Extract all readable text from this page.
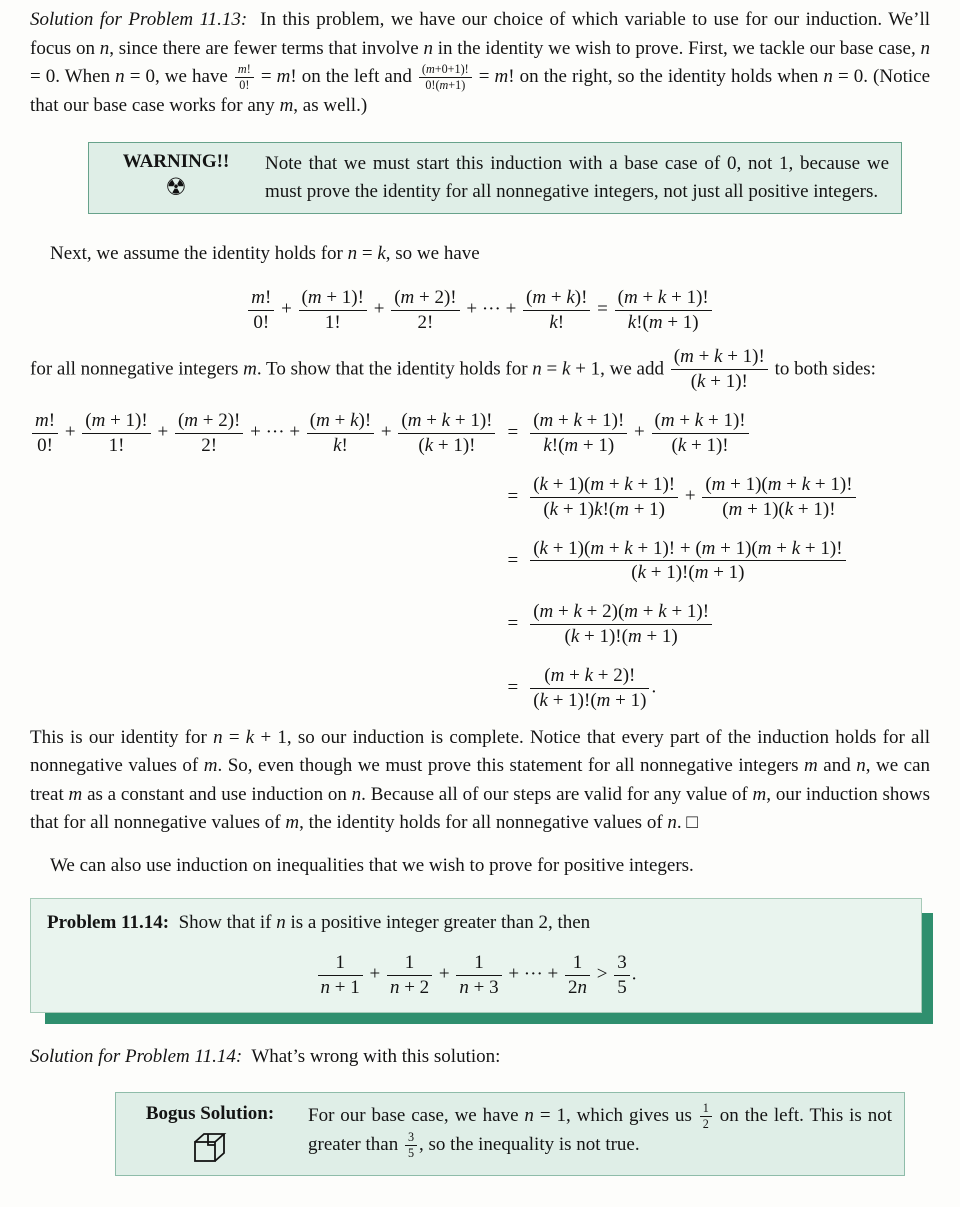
Solution for Problem 11.13:  In this problem, we have our choice of which variable to use for our induction. We’ll focus on n, since there are fewer terms that involve n in the identity we wish to prove. First, we tackle our base case, n = 0. When n = 0, we have $\frac{m!}{0!} = m$! on the left and $\frac{(m+0+1)!}{0!(m+1)} = m$! on the right, so the identity holds when n = 0. (Notice that our base case works for any m, as well.)

WARNING!!
☢
Note that we must start this induction with a base case of 0, not 1, because we must prove the identity for all nonnegative integers, not just all positive integers.

Next, we assume the identity holds for n = k, so we have

$\frac{m!}{0!} + \frac{(m + 1)!}{1!} + \frac{(m + 2)!}{2!}$ + ··· + $\frac{(m + k)!}{k!} = \frac{(m + k + 1)!}{k!(m + 1)}$

for all nonnegative integers m. To show that the identity holds for n = k + 1, we add $\frac{(m + k + 1)!}{(k + 1)!}$ to both sides:

$\frac{m!}{0!} + \frac{(m + 1)!}{1!} + \frac{(m + 2)!}{2!}$ + ··· + $\frac{(m + k)!}{k!} + \frac{(m + k + 1)!}{(k + 1)!} = \frac{(m + k + 1)!}{k!(m + 1)} + \frac{(m + k + 1)!}{(k + 1)!}$
= $\frac{(k + 1)(m + k + 1)!}{(k + 1)k!(m + 1)} + \frac{(m + 1)(m + k + 1)!}{(m + 1)(k + 1)!}$
= $\frac{(k + 1)(m + k + 1)! + (m + 1)(m + k + 1)!}{(k + 1)!(m + 1)}$
= $\frac{(m + k + 2)(m + k + 1)!}{(k + 1)!(m + 1)}$
= $\frac{(m + k + 2)!}{(k + 1)!(m + 1)}$ .

This is our identity for n = k + 1, so our induction is complete. Notice that every part of the induction holds for all nonnegative values of m. So, even though we must prove this statement for all nonnegative integers m and n, we can treat m as a constant and use induction on n. Because all of our steps are valid for any value of m, our induction shows that for all nonnegative values of m, the identity holds for all nonnegative values of n. □

We can also use induction on inequalities that we wish to prove for positive integers.

Problem 11.14: Show that if n is a positive integer greater than 2, then

$\frac{1}{n + 1} + \frac{1}{n + 2} + \frac{1}{n + 3}$ + ··· + $\frac{1}{2n} > \frac{3}{5}$ .

Solution for Problem 11.14:  What’s wrong with this solution:

Bogus Solution:	For our base case, we have n = 1, which gives us $\frac{1}{2}$ on the left. This is not greater than $\frac{3}{5}$ , so the inequality is not true.
